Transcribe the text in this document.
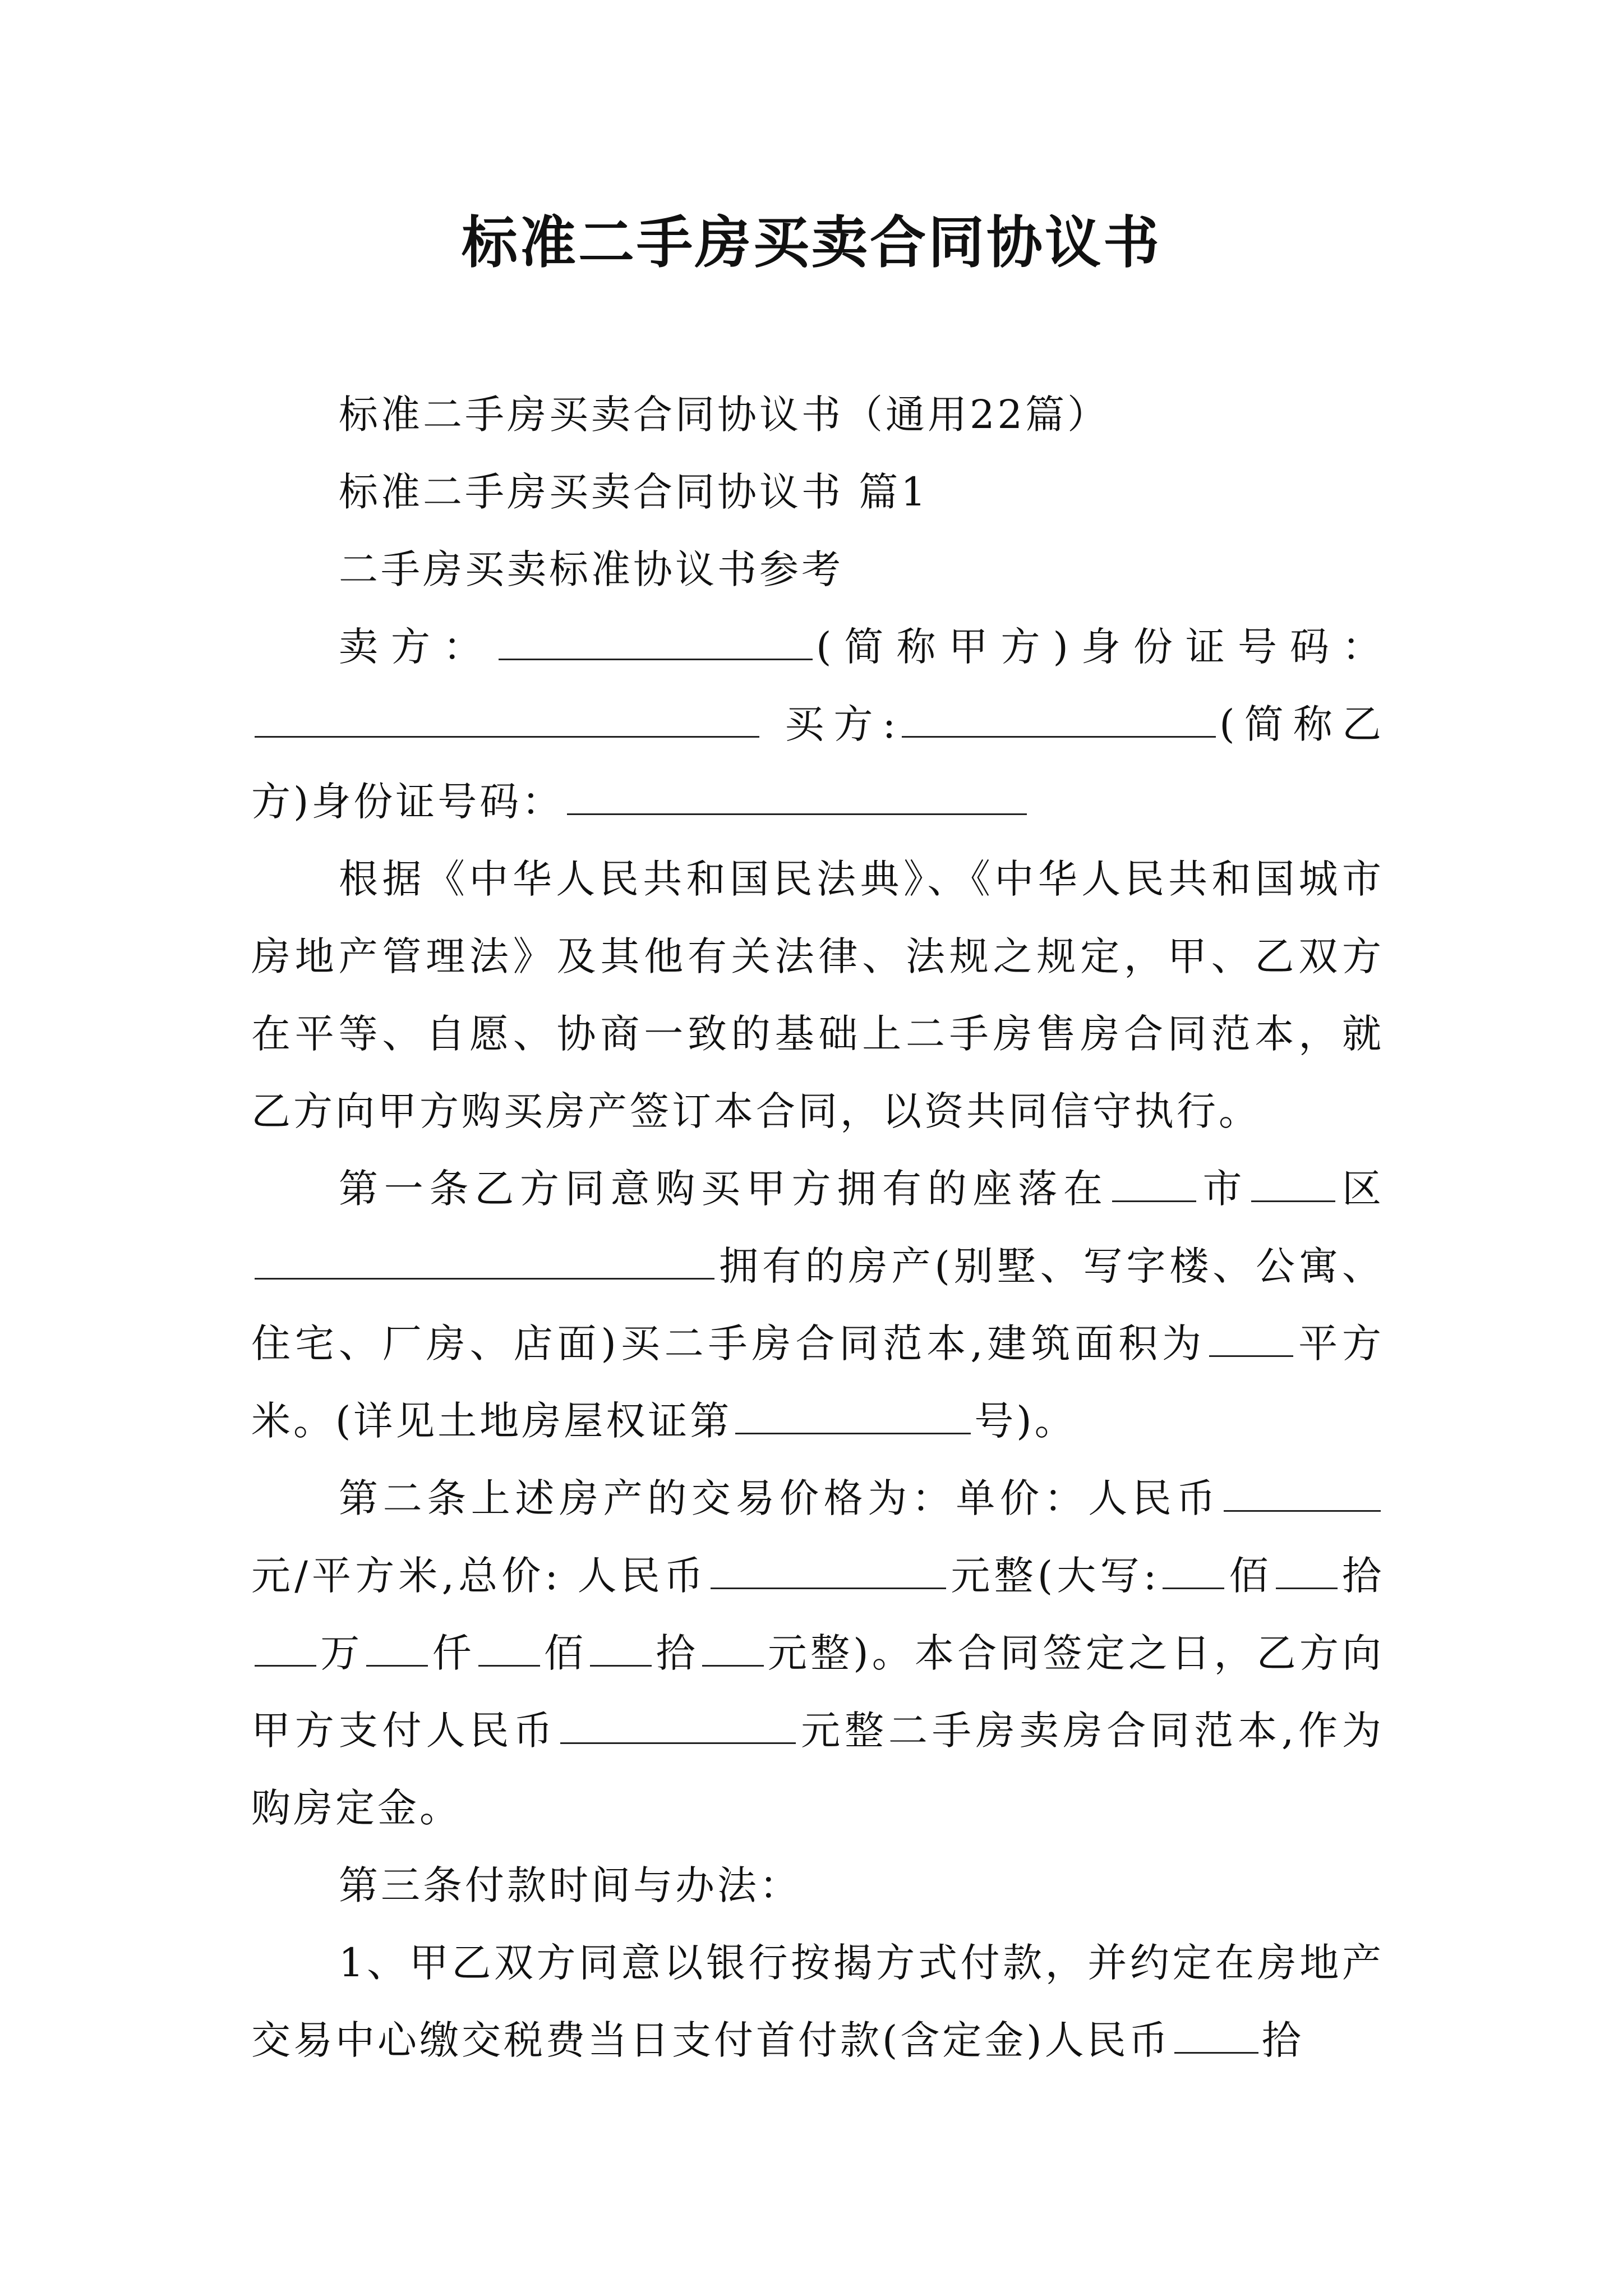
标准二手房买卖合同协议书

标准二手房买卖合同协议书（通用22篇）

标准二手房买卖合同协议书 篇1

二手房买卖标准协议书参考

卖方：	(简称甲方)身份证号码： 买方:	(简称乙方)身份证号码：

根据《中华人民共和国民法典》、《中华人民共和国城市房地产管理法》及其他有关法律、法规之规定，甲、乙双方在平等、自愿、协商一致的基础上二手房售房合同范本，就乙方向甲方购买房产签订本合同，以资共同信守执行。

第一条乙方同意购买甲方拥有的座落在 市 区拥有的房产(别墅、写字楼、公寓、住宅、厂房、店面)买二手房合同范本,建筑面积为 平方米。(详见土地房屋权证第	号)。

第二条上述房产的交易价格为：单价：人民币元/平方米,总价: 人民币	元整(大写: 佰 拾万 仟 佰 拾 元整)。本合同签定之日，乙方向甲方支付人民币	元整二手房卖房合同范本,作为购房定金。

第三条付款时间与办法：

1、甲乙双方同意以银行按揭方式付款，并约定在房地产交易中心缴交税费当日支付首付款(含定金)人民币 拾
